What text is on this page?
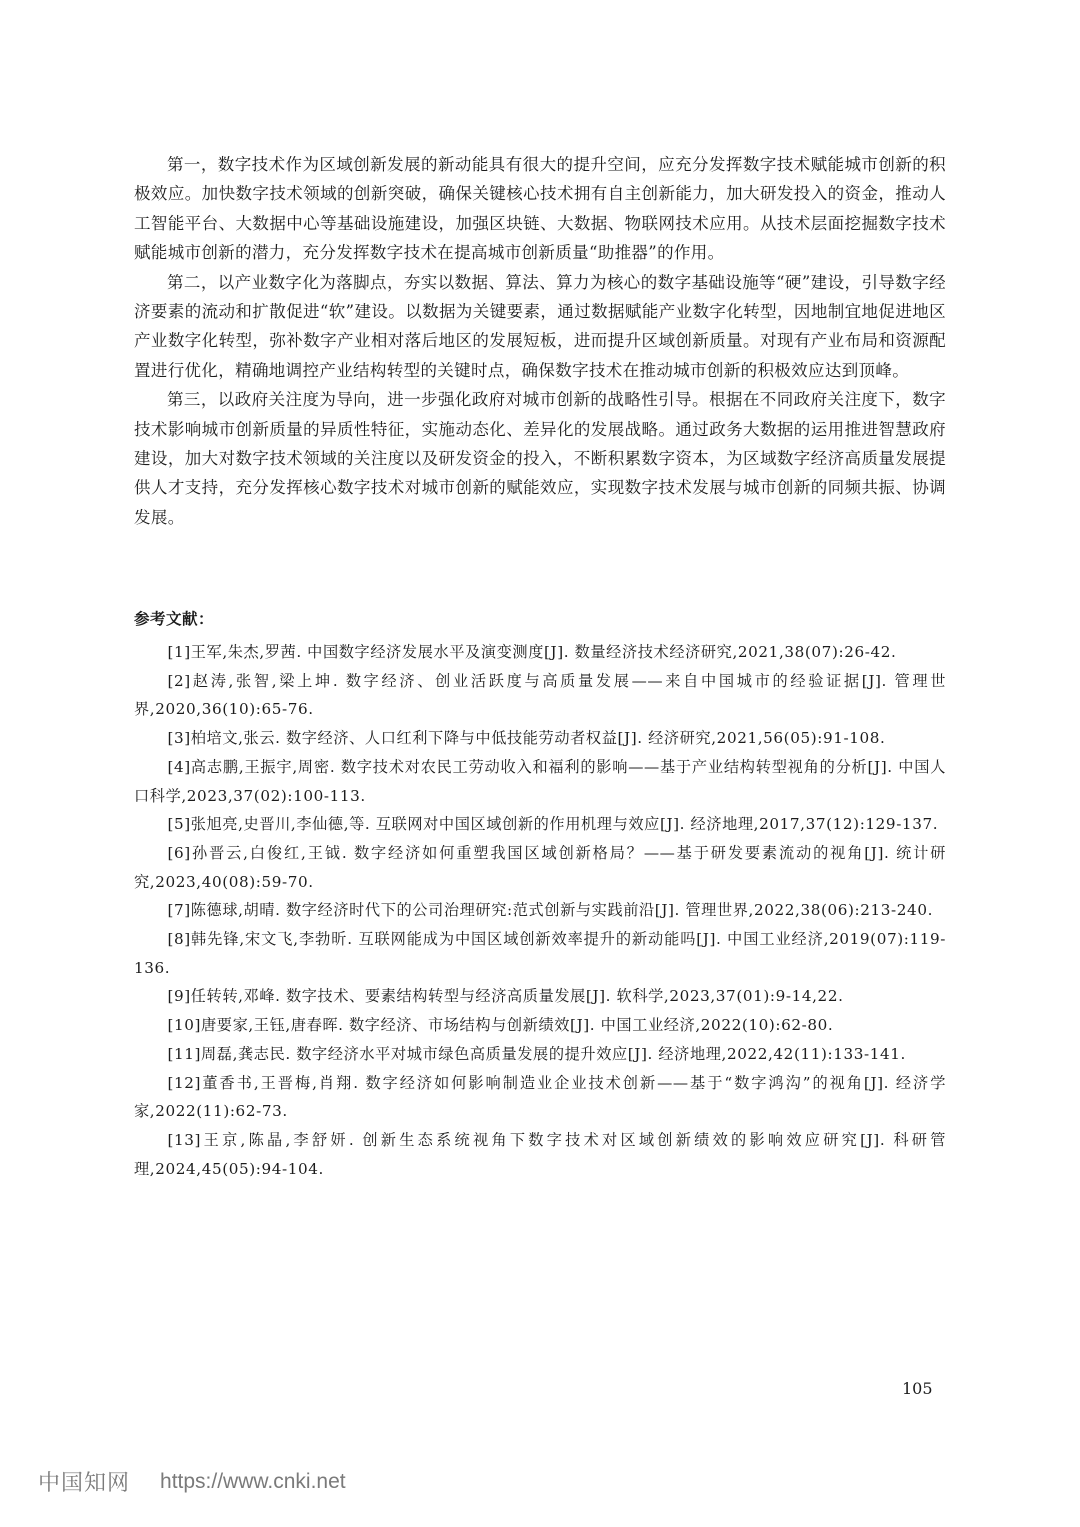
第一，数字技术作为区域创新发展的新动能具有很大的提升空间，应充分发挥数字技术赋能城市创新的积极效应。加快数字技术领域的创新突破，确保关键核心技术拥有自主创新能力，加大研发投入的资金，推动人工智能平台、大数据中心等基础设施建设，加强区块链、大数据、物联网技术应用。从技术层面挖掘数字技术赋能城市创新的潜力，充分发挥数字技术在提高城市创新质量“助推器”的作用。

第二，以产业数字化为落脚点，夯实以数据、算法、算力为核心的数字基础设施等“硬”建设，引导数字经济要素的流动和扩散促进“软”建设。以数据为关键要素，通过数据赋能产业数字化转型，因地制宜地促进地区产业数字化转型，弥补数字产业相对落后地区的发展短板，进而提升区域创新质量。对现有产业布局和资源配置进行优化，精确地调控产业结构转型的关键时点，确保数字技术在推动城市创新的积极效应达到顶峰。

第三，以政府关注度为导向，进一步强化政府对城市创新的战略性引导。根据在不同政府关注度下，数字技术影响城市创新质量的异质性特征，实施动态化、差异化的发展战略。通过政务大数据的运用推进智慧政府建设，加大对数字技术领域的关注度以及研发资金的投入，不断积累数字资本，为区域数字经济高质量发展提供人才支持，充分发挥核心数字技术对城市创新的赋能效应，实现数字技术发展与城市创新的同频共振、协调发展。

参考文献：

[1]王军,朱杰,罗茜. 中国数字经济发展水平及演变测度[J]. 数量经济技术经济研究,2021,38(07):26-42.

[2]赵涛,张智,梁上坤. 数字经济、创业活跃度与高质量发展——来自中国城市的经验证据[J]. 管理世界,2020,36(10):65-76.

[3]柏培文,张云. 数字经济、人口红利下降与中低技能劳动者权益[J]. 经济研究,2021,56(05):91-108.

[4]高志鹏,王振宇,周密. 数字技术对农民工劳动收入和福利的影响——基于产业结构转型视角的分析[J]. 中国人口科学,2023,37(02):100-113.

[5]张旭亮,史晋川,李仙德,等. 互联网对中国区域创新的作用机理与效应[J]. 经济地理,2017,37(12):129-137.

[6]孙晋云,白俊红,王钺. 数字经济如何重塑我国区域创新格局？——基于研发要素流动的视角[J]. 统计研究,2023,40(08):59-70.

[7]陈德球,胡晴. 数字经济时代下的公司治理研究:范式创新与实践前沿[J]. 管理世界,2022,38(06):213-240.

[8]韩先锋,宋文飞,李勃昕. 互联网能成为中国区域创新效率提升的新动能吗[J]. 中国工业经济,2019(07):119-136.

[9]任转转,邓峰. 数字技术、要素结构转型与经济高质量发展[J]. 软科学,2023,37(01):9-14,22.

[10]唐要家,王钰,唐春晖. 数字经济、市场结构与创新绩效[J]. 中国工业经济,2022(10):62-80.

[11]周磊,龚志民. 数字经济水平对城市绿色高质量发展的提升效应[J]. 经济地理,2022,42(11):133-141.

[12]董香书,王晋梅,肖翔. 数字经济如何影响制造业企业技术创新——基于“数字鸿沟”的视角[J]. 经济学家,2022(11):62-73.

[13]王京,陈晶,李舒妍. 创新生态系统视角下数字技术对区域创新绩效的影响效应研究[J]. 科研管理,2024,45(05):94-104.

105
中国知网 https://www.cnki.net
